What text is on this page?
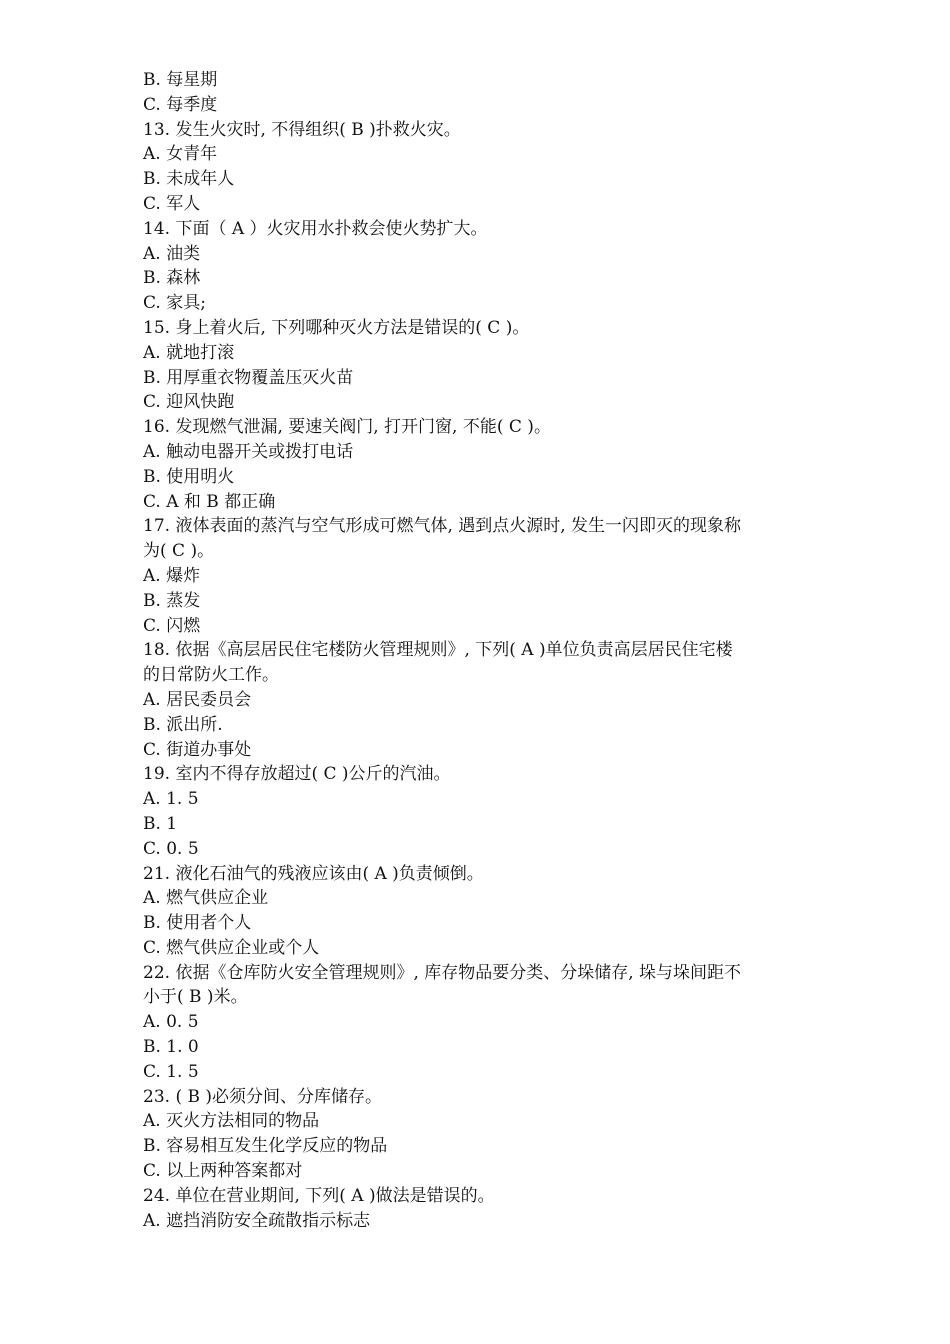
B. 每星期
C. 每季度
13. 发生火灾时, 不得组织( B )扑救火灾。
A. 女青年
B. 未成年人
C. 军人
14. 下面（ A ）火灾用水扑救会使火势扩大。
A. 油类
B. 森林
C. 家具;
15. 身上着火后, 下列哪种灭火方法是错误的( C )。
A. 就地打滚
B. 用厚重衣物覆盖压灭火苗
C. 迎风快跑
16. 发现燃气泄漏, 要速关阀门, 打开门窗, 不能( C )。
A. 触动电器开关或拨打电话
B. 使用明火
C. A 和 B 都正确
17. 液体表面的蒸汽与空气形成可燃气体, 遇到点火源时, 发生一闪即灭的现象称
为( C )。
A. 爆炸
B. 蒸发
C. 闪燃
18. 依据《高层居民住宅楼防火管理规则》, 下列( A )单位负责高层居民住宅楼
的日常防火工作。
A. 居民委员会
B. 派出所.
C. 街道办事处
19. 室内不得存放超过( C )公斤的汽油。
A. 1. 5
B. 1
C. 0. 5
21. 液化石油气的残液应该由( A )负责倾倒。
A. 燃气供应企业
B. 使用者个人
C. 燃气供应企业或个人
22. 依据《仓库防火安全管理规则》, 库存物品要分类、分垛储存, 垛与垛间距不
小于( B )米。
A. 0. 5
B. 1. 0
C. 1. 5
23. ( B )必须分间、分库储存。
A. 灭火方法相同的物品
B. 容易相互发生化学反应的物品
C. 以上两种答案都对
24. 单位在营业期间, 下列( A )做法是错误的。
A. 遮挡消防安全疏散指示标志
